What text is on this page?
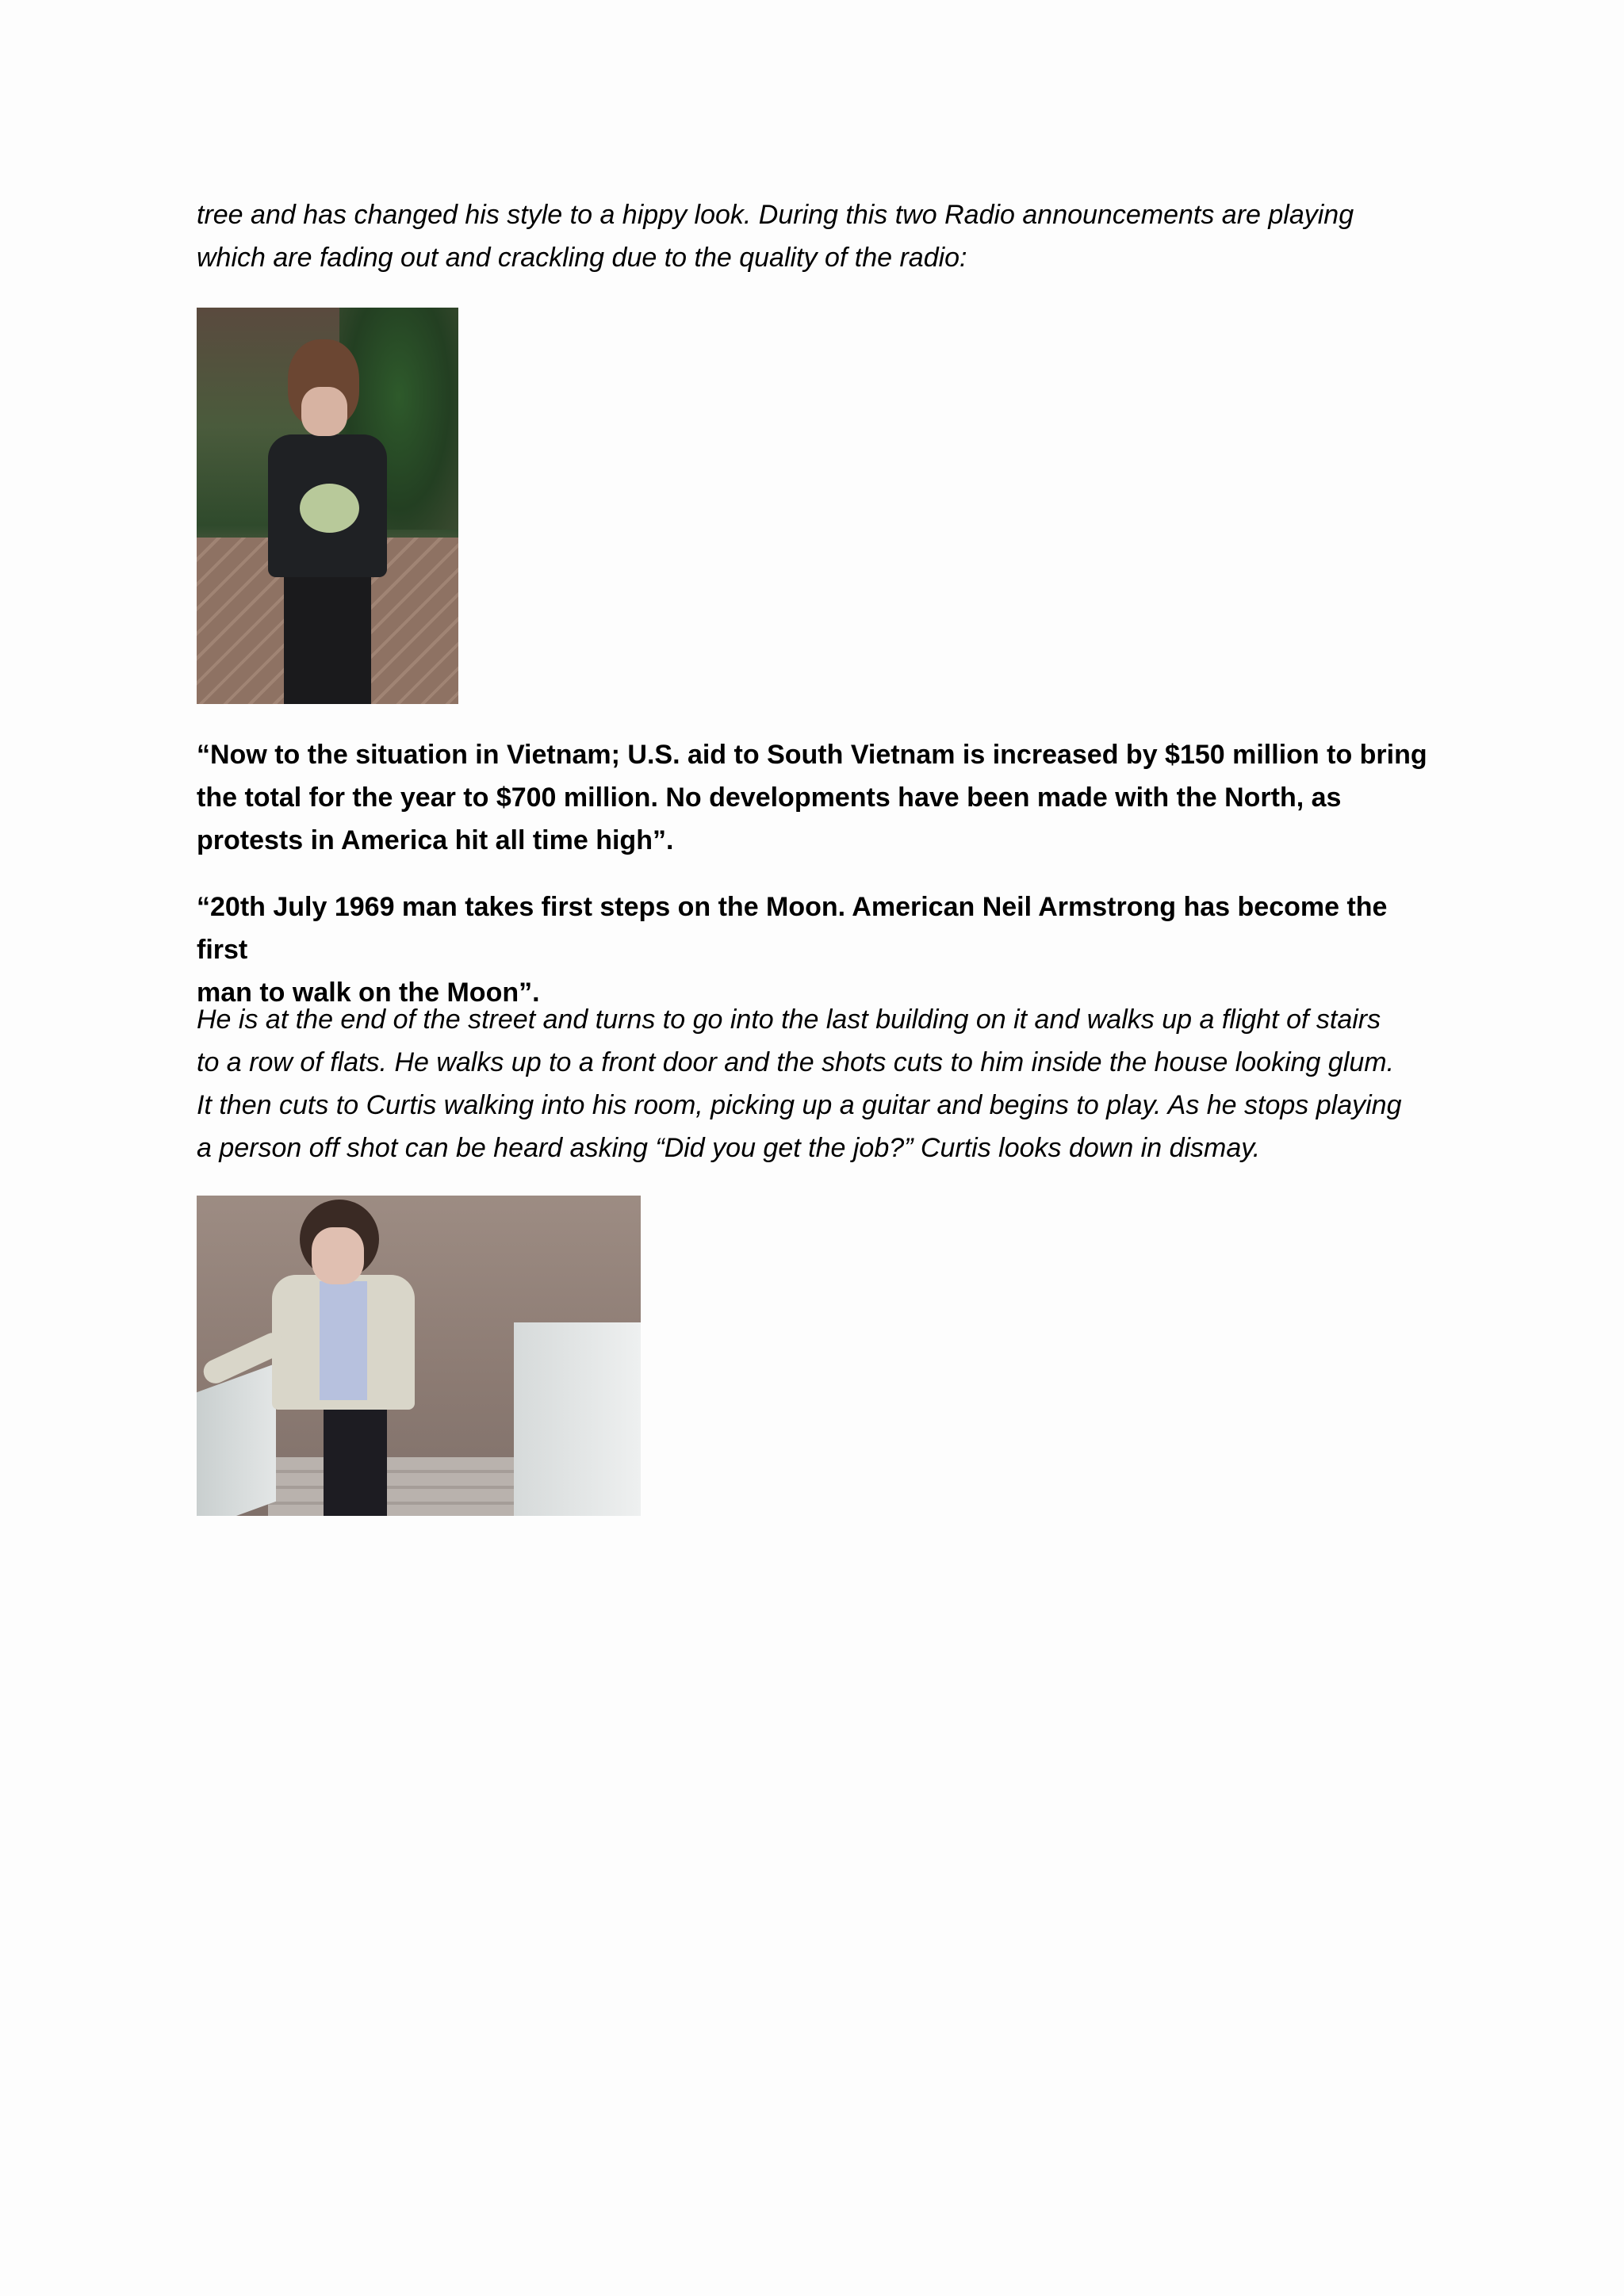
tree and has changed his style to a hippy look. During this two Radio announcements are playing
which are fading out and crackling due to the quality of the radio:

“Now to the situation in Vietnam; U.S. aid to South Vietnam is increased by $150 million to bring
the total for the year to $700 million. No developments have been made with the North, as
protests in America hit all time high”.

“20th July 1969 man takes first steps on the Moon. American Neil Armstrong has become the first
man to walk on the Moon”.

He is at the end of the street and turns to go into the last building on it and walks up a flight of stairs
to a row of flats. He walks up to a front door and the shots cuts to him inside the house looking glum.
It then cuts to Curtis walking into his room, picking up a guitar and begins to play. As he stops playing
a person off shot can be heard asking “Did you get the job?” Curtis looks down in dismay.
